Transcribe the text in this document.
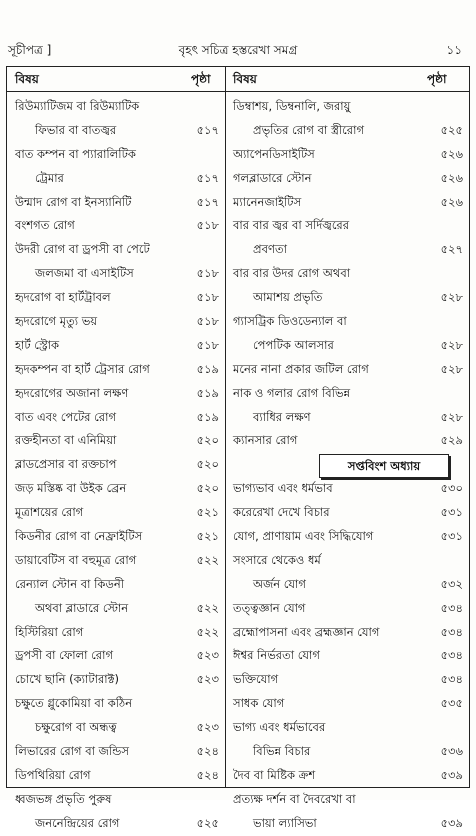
সূচীপত্র ]	বৃহৎ সচিত্র হস্তরেখা সমগ্র	১১
বিষয়	পৃষ্ঠা বিষয়	পৃষ্ঠা
রিউম্যাটিজম বা রিউম্যাটিক
ফিভার বা বাতজ্বর	৫১৭
বাত কম্পন বা প্যারালিটিক
ট্রেমার	৫১৭
উন্মাদ রোগ বা ইনস্যানিটি	৫১৭
বংশগত রোগ	৫১৮
উদরী রোগ বা ড্রপসী বা পেটে
জলজমা বা এসাইটিস	৫১৮
হৃদরোগ বা হার্টট্রাবল	৫১৮
হৃদরোগে মৃত্যু ভয়	৫১৮
হার্ট স্ট্রোক	৫১৮
হৃদকম্পন বা হার্ট ট্রেসার রোগ	৫১৯
হৃদরোগের অজানা লক্ষণ	৫১৯
বাত এবং পেটের রোগ	৫১৯
রক্তহীনতা বা এনিমিয়া	৫২০
ব্লাডপ্রেসার বা রক্তচাপ	৫২০
জড় মস্তিষ্ক বা উইক ব্রেন	৫২০
মূত্রাশয়ের রোগ	৫২১
কিডনীর রোগ বা নেফ্রাইটিস	৫২১
ডায়াবেটিস বা বহুমূত্র রোগ	৫২২
রেন্যাল স্টোন বা কিডনী
অথবা ব্লাডারে স্টোন	৫২২
হিস্টিরিয়া রোগ	৫২২
ড্রপসী বা ফোলা রোগ	৫২৩
চোখে ছানি (ক্যাটারাক্ট)	৫২৩
চক্ষুতে গ্লুকোমিয়া বা কঠিন
চক্ষুরোগ বা অন্ধত্ব	৫২৩
লিভারের রোগ বা জন্ডিস	৫২৪
ডিপথিরিয়া রোগ	৫২৪
ধ্বজভঙ্গ প্রভৃতি পুরুষ
জননেন্দ্রিয়ের রোগ	৫২৫
ডিম্বাশয়, ডিম্বনালি, জরায়ু
প্রভৃতির রোগ বা স্ত্রীরোগ	৫২৫
অ্যাপেনডিসাইটিস	৫২৬
গলব্লাডারে স্টোন	৫২৬
ম্যানেনজাইটিস	৫২৬
বার বার জ্বর বা সর্দিজ্বরের
প্রবণতা	৫২৭
বার বার উদর রোগ অথবা
আমাশয় প্রভৃতি	৫২৮
গ্যাসট্রিক ডিওডেন্যাল বা
পেপটিক আলসার	৫২৮
মনের নানা প্রকার জটিল রোগ	৫২৮
নাক ও গলার রোগ বিভিন্ন
ব্যাধির লক্ষণ	৫২৮
ক্যানসার রোগ	৫২৯
সপ্তবিংশ অধ্যায়
ভাগ্যভাব এবং ধর্মভাব	৫৩০
করেরেখা দেখে বিচার	৫৩১
যোগ, প্রাণায়াম এবং সিদ্ধিযোগ	৫৩১
সংসারে থেকেও ধর্ম
অর্জন যোগ	৫৩২
তত্ত্বজ্ঞান যোগ	৫৩৪
ব্রহ্মোপাসনা এবং ব্রহ্মজ্ঞান যোগ	৫৩৪
ঈশ্বর নির্ভরতা যোগ	৫৩৪
ভক্তিযোগ	৫৩৪
সাধক যোগ	৫৩৫
ভাগ্য এবং ধর্মভাবের
বিভিন্ন বিচার	৫৩৬
দৈব বা মিষ্টিক ক্রশ	৫৩৯
প্রত্যক্ষ দর্শন বা দৈবরেখা বা
ভায়া ল্যাসিভা	৫৩৯
